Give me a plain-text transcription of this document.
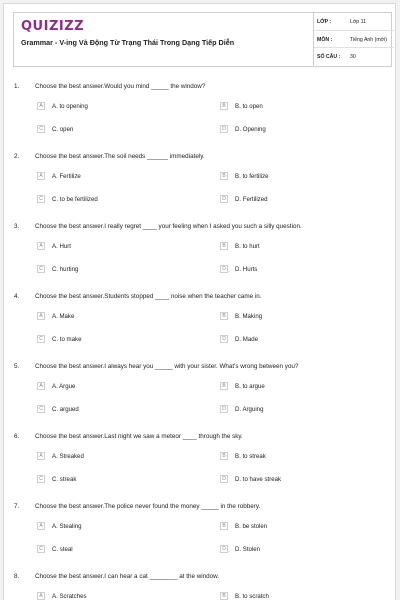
QUIZIZZ
Grammar - V-ing Và Động Từ Trạng Thái Trong Dạng Tiếp Diễn
LỚP :	Lớp 11
MÔN :	Tiếng Anh (mới)
SỐ CÂU : 30
1. Choose the best answer.Would you mind _____ the window?
A	A. to opening	B	B. to open
C	C. open	D	D. Opening
2. Choose the best answer.The soil needs ______ immediately.
A	A. Fertilize	B	B. to fertilize
C	C. to be fertilized	D	D. Fertilized
3. Choose the best answer.I really regret ____ your feeling when I asked you such a silly question.
A	A. Hurt	B	B. to hurt
C	C. hurting	D	D. Hurts
4. Choose the best answer.Students stopped ____ noise when the teacher came in.
A	A. Make	B	B. Making
C	C. to make	D	D. Made
5. Choose the best answer.I always hear you _____ with your sister. What's wrong between you?
A	A. Argue	B	B. to argue
C	C. argued	D	D. Arguing
6. Choose the best answer.Last night we saw a meteor ____ through the sky.
A	A. Streaked	B	B. to streak
C	C. streak	D	D. to have streak
7. Choose the best answer.The police never found the money _____ in the robbery.
A	A. Stealing	B	B. be stolen
C	C. steal	D	D. Stolen
8. Choose the best answer.I can hear a cat ________ at the window.
A	A. Scratches	B	B. to scratch
